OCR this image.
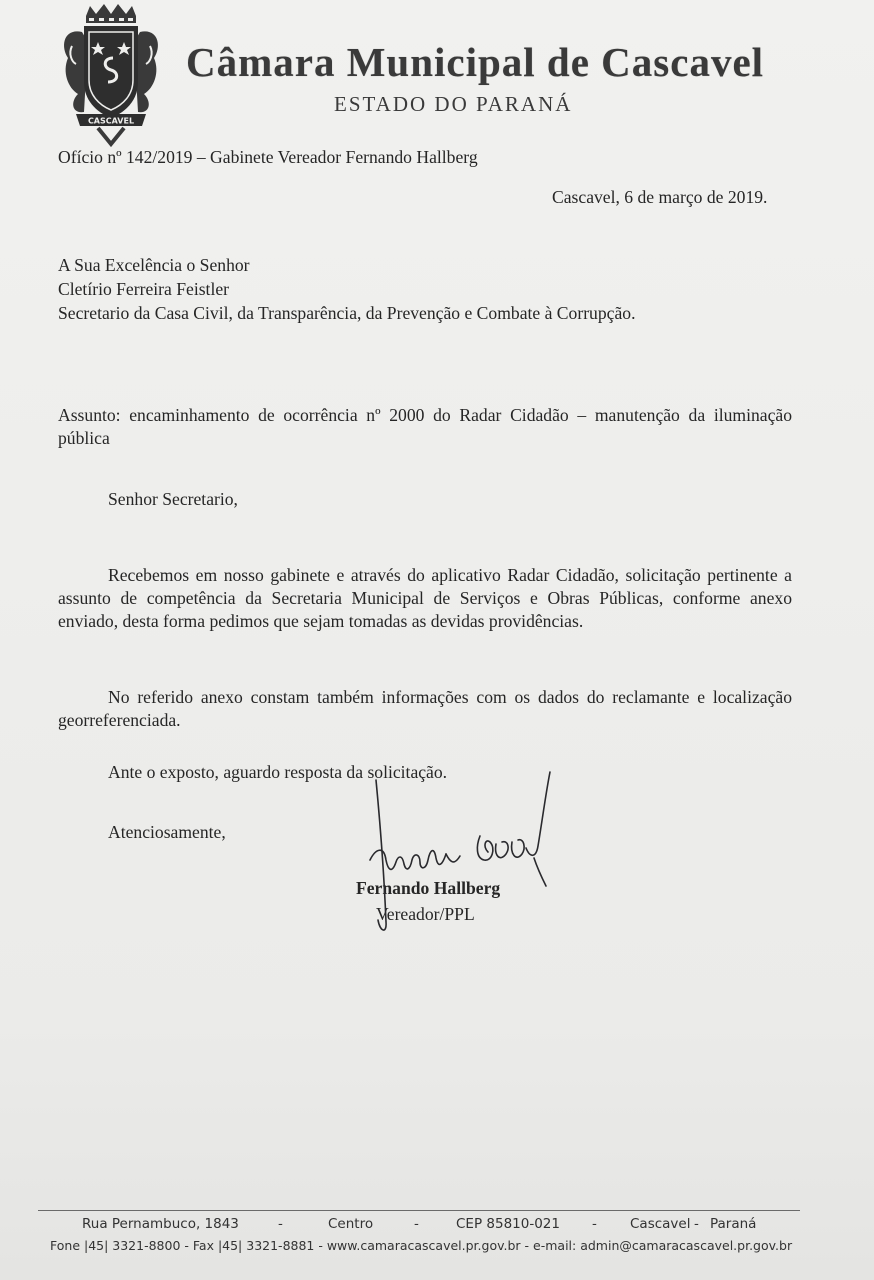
CASCAVEL
Câmara Municipal de Cascavel
ESTADO DO PARANÁ
Ofício nº 142/2019 – Gabinete Vereador Fernando Hallberg
Cascavel, 6 de março de 2019.
A Sua Excelência o Senhor
Cletírio Ferreira Feistler
Secretario da Casa Civil, da Transparência, da Prevenção e Combate à Corrupção.
Assunto: encaminhamento de ocorrência nº 2000 do Radar Cidadão – manutenção da iluminação pública
Senhor Secretario,
Recebemos em nosso gabinete e através do aplicativo Radar Cidadão, solicitação pertinente a assunto de competência da Secretaria Municipal de Serviços e Obras Públicas, conforme anexo enviado, desta forma pedimos que sejam tomadas as devidas providências.
No referido anexo constam também informações com os dados do reclamante e localização georreferenciada.
Ante o exposto, aguardo resposta da solicitação.
Atenciosamente,
Fernando Hallberg
Vereador/PPL
Rua Pernambuco, 1843	-	Centro	-	CEP 85810-021 - Cascavel - Paraná
Fone |45| 3321-8800 - Fax |45| 3321-8881 - www.camaracascavel.pr.gov.br - e-mail: admin@camaracascavel.pr.gov.br
